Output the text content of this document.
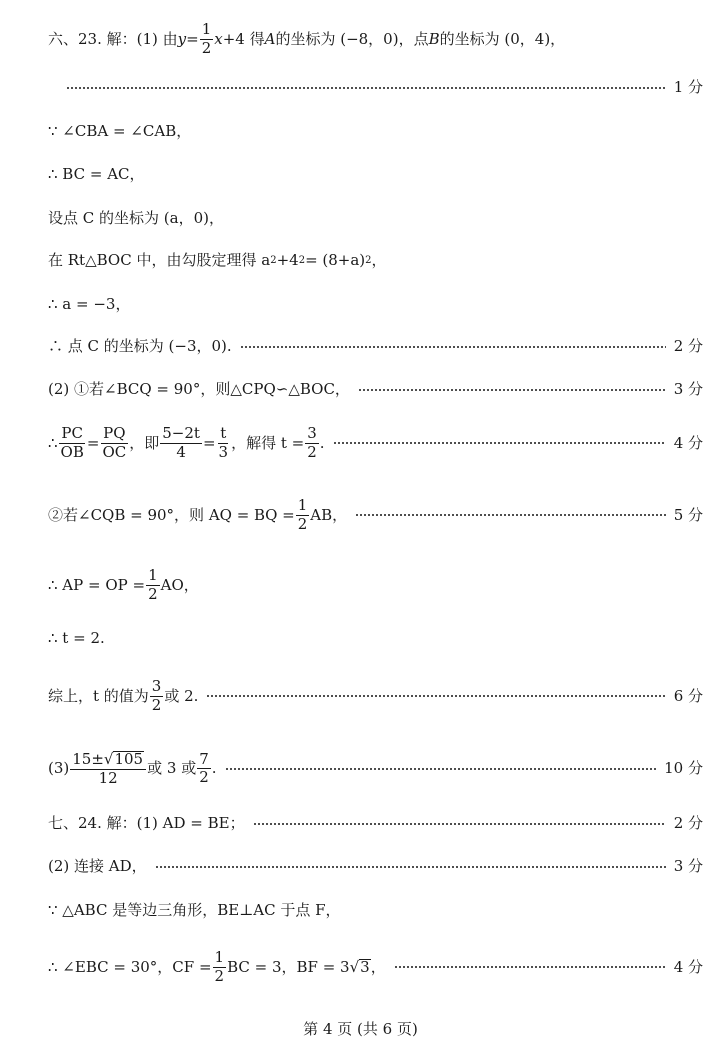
六、23. 解：(1) 由 $y = \frac{1}{2}$ x +4 得 A 的坐标为 (−8，0)，点 B 的坐标为 (0，4)，
1 分
∵ ∠CBA = ∠CAB，
∴ BC = AC，
设点 C 的坐标为 (a，0)，
在 Rt△BOC 中，由勾股定理得 a 2 +4 2 = (8+a) 2 ，
∴ a = −3，
∴ 点 C 的坐标为 (−3，0).	2 分
(2) ①若∠BCQ = 90°，则△CPQ∽△BOC，	3 分
∴ $\frac{PC}{OB} = \frac{PQ}{OC}$ ，即 $\frac{5-2t}{4} = \frac{t}{3}$ ，解得 $t = \frac{3}{2}$ .	4 分
②若∠CQB = 90°，则 AQ = BQ = $\frac{1}{2}$ AB，	5 分
∴ AP = OP = $\frac{1}{2}$ AO，
∴ t = 2.
综上，t 的值为 $\frac{3}{2}$ 或 2.	6 分
$(3) \frac{15\pm√ 105}{12}$ 或 3 或 $\frac{7}{2}$ .	10 分
七、24. 解：(1) AD = BE；	2 分
(2) 连接 AD，	3 分
∵ △ABC 是等边三角形，BE⊥AC 于点 F，
∴ ∠EBC = 30°，CF = $\frac{1}{2}$ BC = 3，BF = 3 √ 3 ，	4 分
第 4 页 (共 6 页)
